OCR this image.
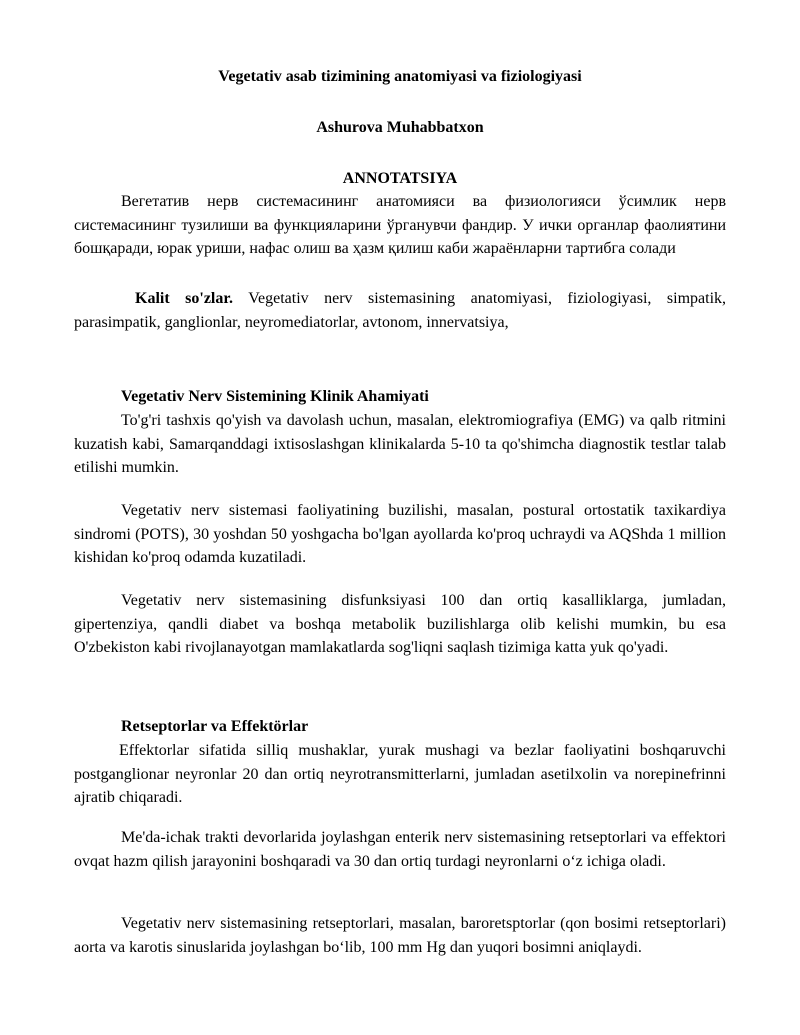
Vegetativ asab tizimining anatomiyasi va fiziologiyasi
Ashurova Muhabbatxon
ANNOTATSIYA

Вегетатив нерв системасининг анатомияси ва физиологияси ўсимлик нерв системасининг тузилиши ва функцияларини ўрганувчи фандир. У ички органлар фаолиятини бошқаради, юрак уриши, нафас олиш ва ҳазм қилиш каби жараёнларни тартибга солади

Kalit so'zlar. Vegetativ nerv sistemasining anatomiyasi, fiziologiyasi, simpatik, parasimpatik, ganglionlar, neyromediatorlar, avtonom, innervatsiya,

Vegetativ Nerv Sistemining Klinik Ahamiyati

To'g'ri tashxis qo'yish va davolash uchun, masalan, elektromiografiya (EMG) va qalb ritmini kuzatish kabi, Samarqanddagi ixtisoslashgan klinikalarda 5-10 ta qo'shimcha diagnostik testlar talab etilishi mumkin.

Vegetativ nerv sistemasi faoliyatining buzilishi, masalan, postural ortostatik taxikardiya sindromi (POTS), 30 yoshdan 50 yoshgacha bo'lgan ayollarda ko'proq uchraydi va AQShda 1 million kishidan ko'proq odamda kuzatiladi.

Vegetativ nerv sistemasining disfunksiyasi 100 dan ortiq kasalliklarga, jumladan, gipertenziya, qandli diabet va boshqa metabolik buzilishlarga olib kelishi mumkin, bu esa O'zbekiston kabi rivojlanayotgan mamlakatlarda sog'liqni saqlash tizimiga katta yuk qo'yadi.

Retseptorlar va Effektörlar

Effektorlar sifatida silliq mushaklar, yurak mushagi va bezlar faoliyatini boshqaruvchi postganglionar neyronlar 20 dan ortiq neyrotransmitterlarni, jumladan asetilxolin va norepinefrinni ajratib chiqaradi.

Me'da-ichak trakti devorlarida joylashgan enterik nerv sistemasining retseptorlari va effektori ovqat hazm qilish jarayonini boshqaradi va 30 dan ortiq turdagi neyronlarni o‘z ichiga oladi.

Vegetativ nerv sistemasining retseptorlari, masalan, baroretsptorlar (qon bosimi retseptorlari) aorta va karotis sinuslarida joylashgan bo‘lib, 100 mm Hg dan yuqori bosimni aniqlaydi.
